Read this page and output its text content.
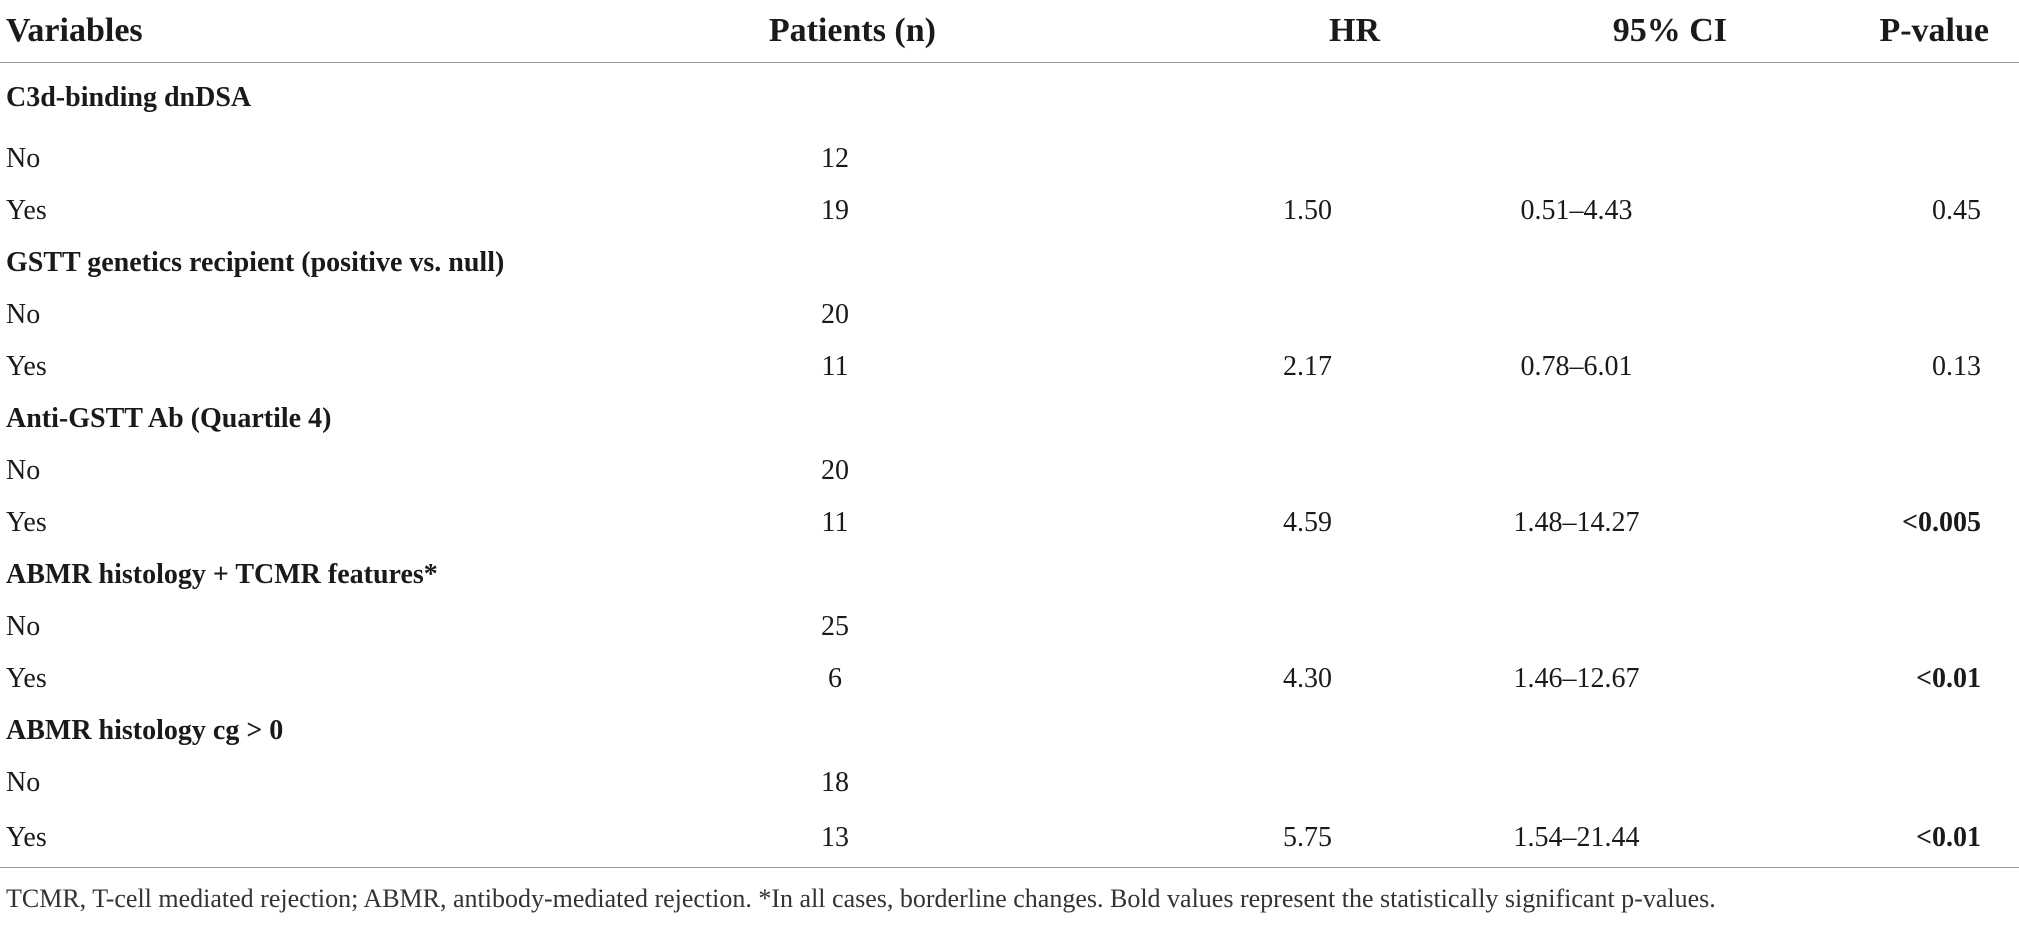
Variables	Patients (n)	HR	95% CI	P-value
C3d-binding dnDSA				
No	12			
Yes	19	1.50	0.51–4.43	0.45
GSTT genetics recipient (positive vs. null)				
No	20			
Yes	11	2.17	0.78–6.01	0.13
Anti-GSTT Ab (Quartile 4)				
No	20			
Yes	11	4.59	1.48–14.27	<0.005
ABMR histology + TCMR features*				
No	25			
Yes	6	4.30	1.46–12.67	<0.01
ABMR histology cg > 0				
No	18			
Yes	13	5.75	1.54–21.44	<0.01
TCMR, T-cell mediated rejection; ABMR, antibody-mediated rejection. *In all cases, borderline changes. Bold values represent the statistically significant p-values.
